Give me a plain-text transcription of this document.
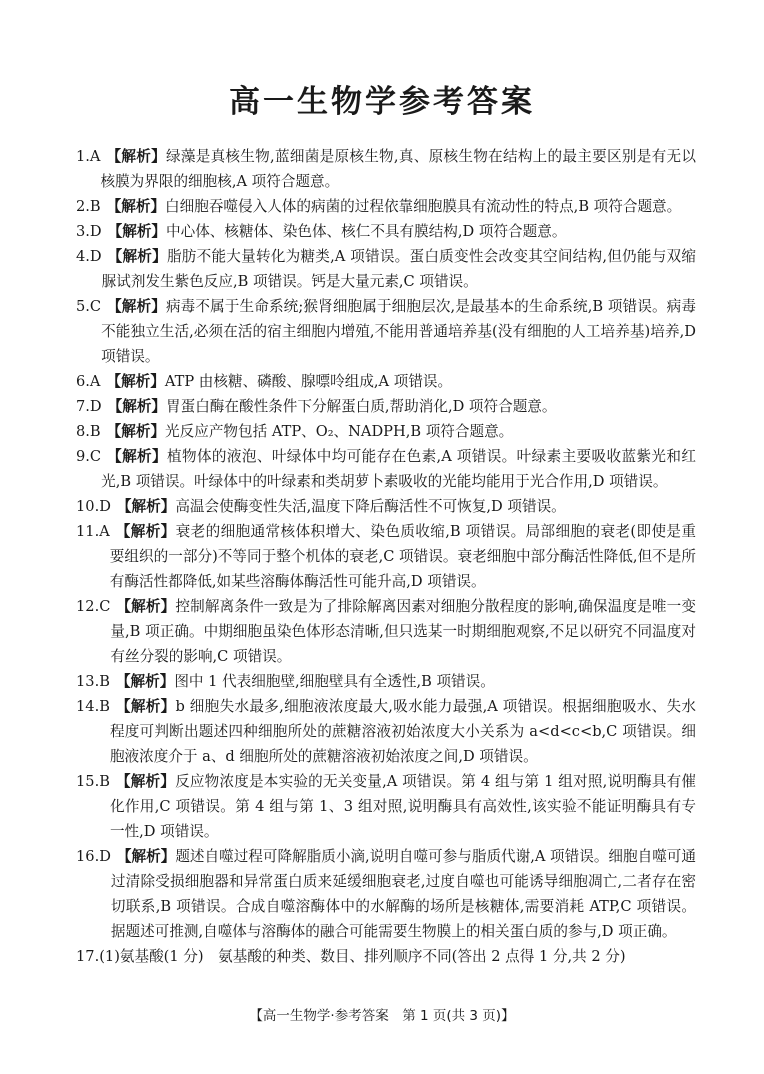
高一生物学参考答案
1.A 【解析】绿藻是真核生物,蓝细菌是原核生物,真、原核生物在结构上的最主要区别是有无以核膜为界限的细胞核,A 项符合题意。
2.B 【解析】白细胞吞噬侵入人体的病菌的过程依靠细胞膜具有流动性的特点,B 项符合题意。
3.D 【解析】中心体、核糖体、染色体、核仁不具有膜结构,D 项符合题意。
4.D 【解析】脂肪不能大量转化为糖类,A 项错误。蛋白质变性会改变其空间结构,但仍能与双缩脲试剂发生紫色反应,B 项错误。钙是大量元素,C 项错误。
5.C 【解析】病毒不属于生命系统;猴肾细胞属于细胞层次,是最基本的生命系统,B 项错误。病毒不能独立生活,必须在活的宿主细胞内增殖,不能用普通培养基(没有细胞的人工培养基)培养,D 项错误。
6.A 【解析】ATP 由核糖、磷酸、腺嘌呤组成,A 项错误。
7.D 【解析】胃蛋白酶在酸性条件下分解蛋白质,帮助消化,D 项符合题意。
8.B 【解析】光反应产物包括 ATP、O₂、NADPH,B 项符合题意。
9.C 【解析】植物体的液泡、叶绿体中均可能存在色素,A 项错误。叶绿素主要吸收蓝紫光和红光,B 项错误。叶绿体中的叶绿素和类胡萝卜素吸收的光能均能用于光合作用,D 项错误。
10.D 【解析】高温会使酶变性失活,温度下降后酶活性不可恢复,D 项错误。
11.A 【解析】衰老的细胞通常核体积增大、染色质收缩,B 项错误。局部细胞的衰老(即使是重要组织的一部分)不等同于整个机体的衰老,C 项错误。衰老细胞中部分酶活性降低,但不是所有酶活性都降低,如某些溶酶体酶活性可能升高,D 项错误。
12.C 【解析】控制解离条件一致是为了排除解离因素对细胞分散程度的影响,确保温度是唯一变量,B 项正确。中期细胞虽染色体形态清晰,但只选某一时期细胞观察,不足以研究不同温度对有丝分裂的影响,C 项错误。
13.B 【解析】图中 1 代表细胞壁,细胞壁具有全透性,B 项错误。
14.B 【解析】b 细胞失水最多,细胞液浓度最大,吸水能力最强,A 项错误。根据细胞吸水、失水程度可判断出题述四种细胞所处的蔗糖溶液初始浓度大小关系为 a<d<c<b,C 项错误。细胞液浓度介于 a、d 细胞所处的蔗糖溶液初始浓度之间,D 项错误。
15.B 【解析】反应物浓度是本实验的无关变量,A 项错误。第 4 组与第 1 组对照,说明酶具有催化作用,C 项错误。第 4 组与第 1、3 组对照,说明酶具有高效性,该实验不能证明酶具有专一性,D 项错误。
16.D 【解析】题述自噬过程可降解脂质小滴,说明自噬可参与脂质代谢,A 项错误。细胞自噬可通过清除受损细胞器和异常蛋白质来延缓细胞衰老,过度自噬也可能诱导细胞凋亡,二者存在密切联系,B 项错误。合成自噬溶酶体中的水解酶的场所是核糖体,需要消耗 ATP,C 项错误。据题述可推测,自噬体与溶酶体的融合可能需要生物膜上的相关蛋白质的参与,D 项正确。
17. (1)氨基酸(1 分)　氨基酸的种类、数目、排列顺序不同(答出 2 点得 1 分,共 2 分)
【高一生物学·参考答案　第 1 页(共 3 页)】
